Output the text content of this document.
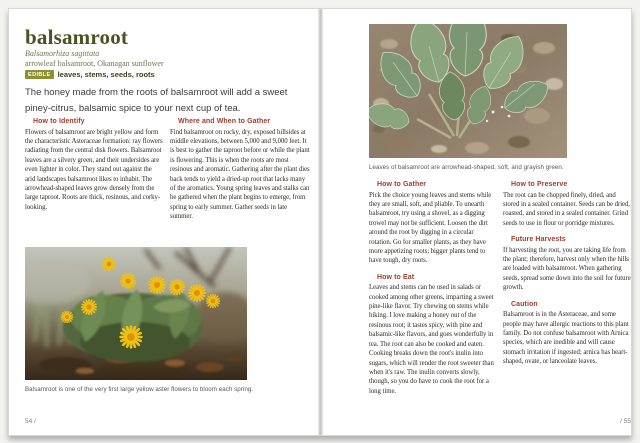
balsamroot
Balsamorhiza sagittata
arrowleaf balsamroot, Okanagan sunflower
EDIBLE leaves, stems, seeds, roots
The honey made from the roots of balsamroot will add a sweet piney-citrus, balsamic spice to your next cup of tea.
How to Identify

Flowers of balsamroot are bright yellow and form the characteristic Asteraceae formation: ray flowers radiating from the central disk flowers. Balsamroot leaves are a silvery green, and their undersides are even lighter in color. They stand out against the arid landscapes balsamroot likes to inhabit. The arrowhead-shaped leaves grow densely from the large taproot. Roots are thick, resinous, and corky-looking.

Where and When to Gather

Find balsamroot on rocky, dry, exposed hillsides at middle elevations, between 5,000 and 9,000 feet. It is best to gather the taproot before or while the plant is flowering. This is when the roots are most resinous and aromatic. Gathering after the plant dies back tends to yield a dried-up root that lacks many of the aromatics. Young spring leaves and stalks can be gathered when the plant begins to emerge, from spring to early summer. Gather seeds in late summer.

Balsamroot is one of the very first large yellow aster flowers to bloom each spring.
54 /
Leaves of balsamroot are arrowhead-shaped, soft, and grayish green.
How to Gather

Pick the choice young leaves and stems while they are small, soft, and pliable. To unearth balsamroot, try using a shovel, as a digging trowel may not be sufficient. Loosen the dirt around the root by digging in a circular rotation. Go for smaller plants, as they have more appetizing roots; bigger plants tend to have tough, dry roots.

How to Eat

Leaves and stems can be used in salads or cooked among other greens, imparting a sweet pine-like flavor. Try chewing on stems while hiking. I love making a honey out of the resinous root; it tastes spicy, with pine and balsamic-like flavors, and goes wonderfully in tea. The root can also be cooked and eaten. Cooking breaks down the root's inulin into sugars, which will render the root sweeter than when it's raw. The inulin converts slowly, though, so you do have to cook the root for a long time.

How to Preserve

The root can be chopped finely, dried, and stored in a sealed container. Seeds can be dried, roasted, and stored in a sealed container. Grind seeds to use in flour or porridge mixtures.

Future Harvests

If harvesting the root, you are taking life from the plant; therefore, harvest only when the hills are loaded with balsamroot. When gathering seeds, spread some down into the soil for future growth.

Caution

Balsamroot is in the Asteraceae, and some people may have allergic reactions to this plant family. Do not confuse balsamroot with Arnica species, which are inedible and will cause stomach irritation if ingested; arnica has heart-shaped, ovate, or lanceolate leaves.

/ 55
